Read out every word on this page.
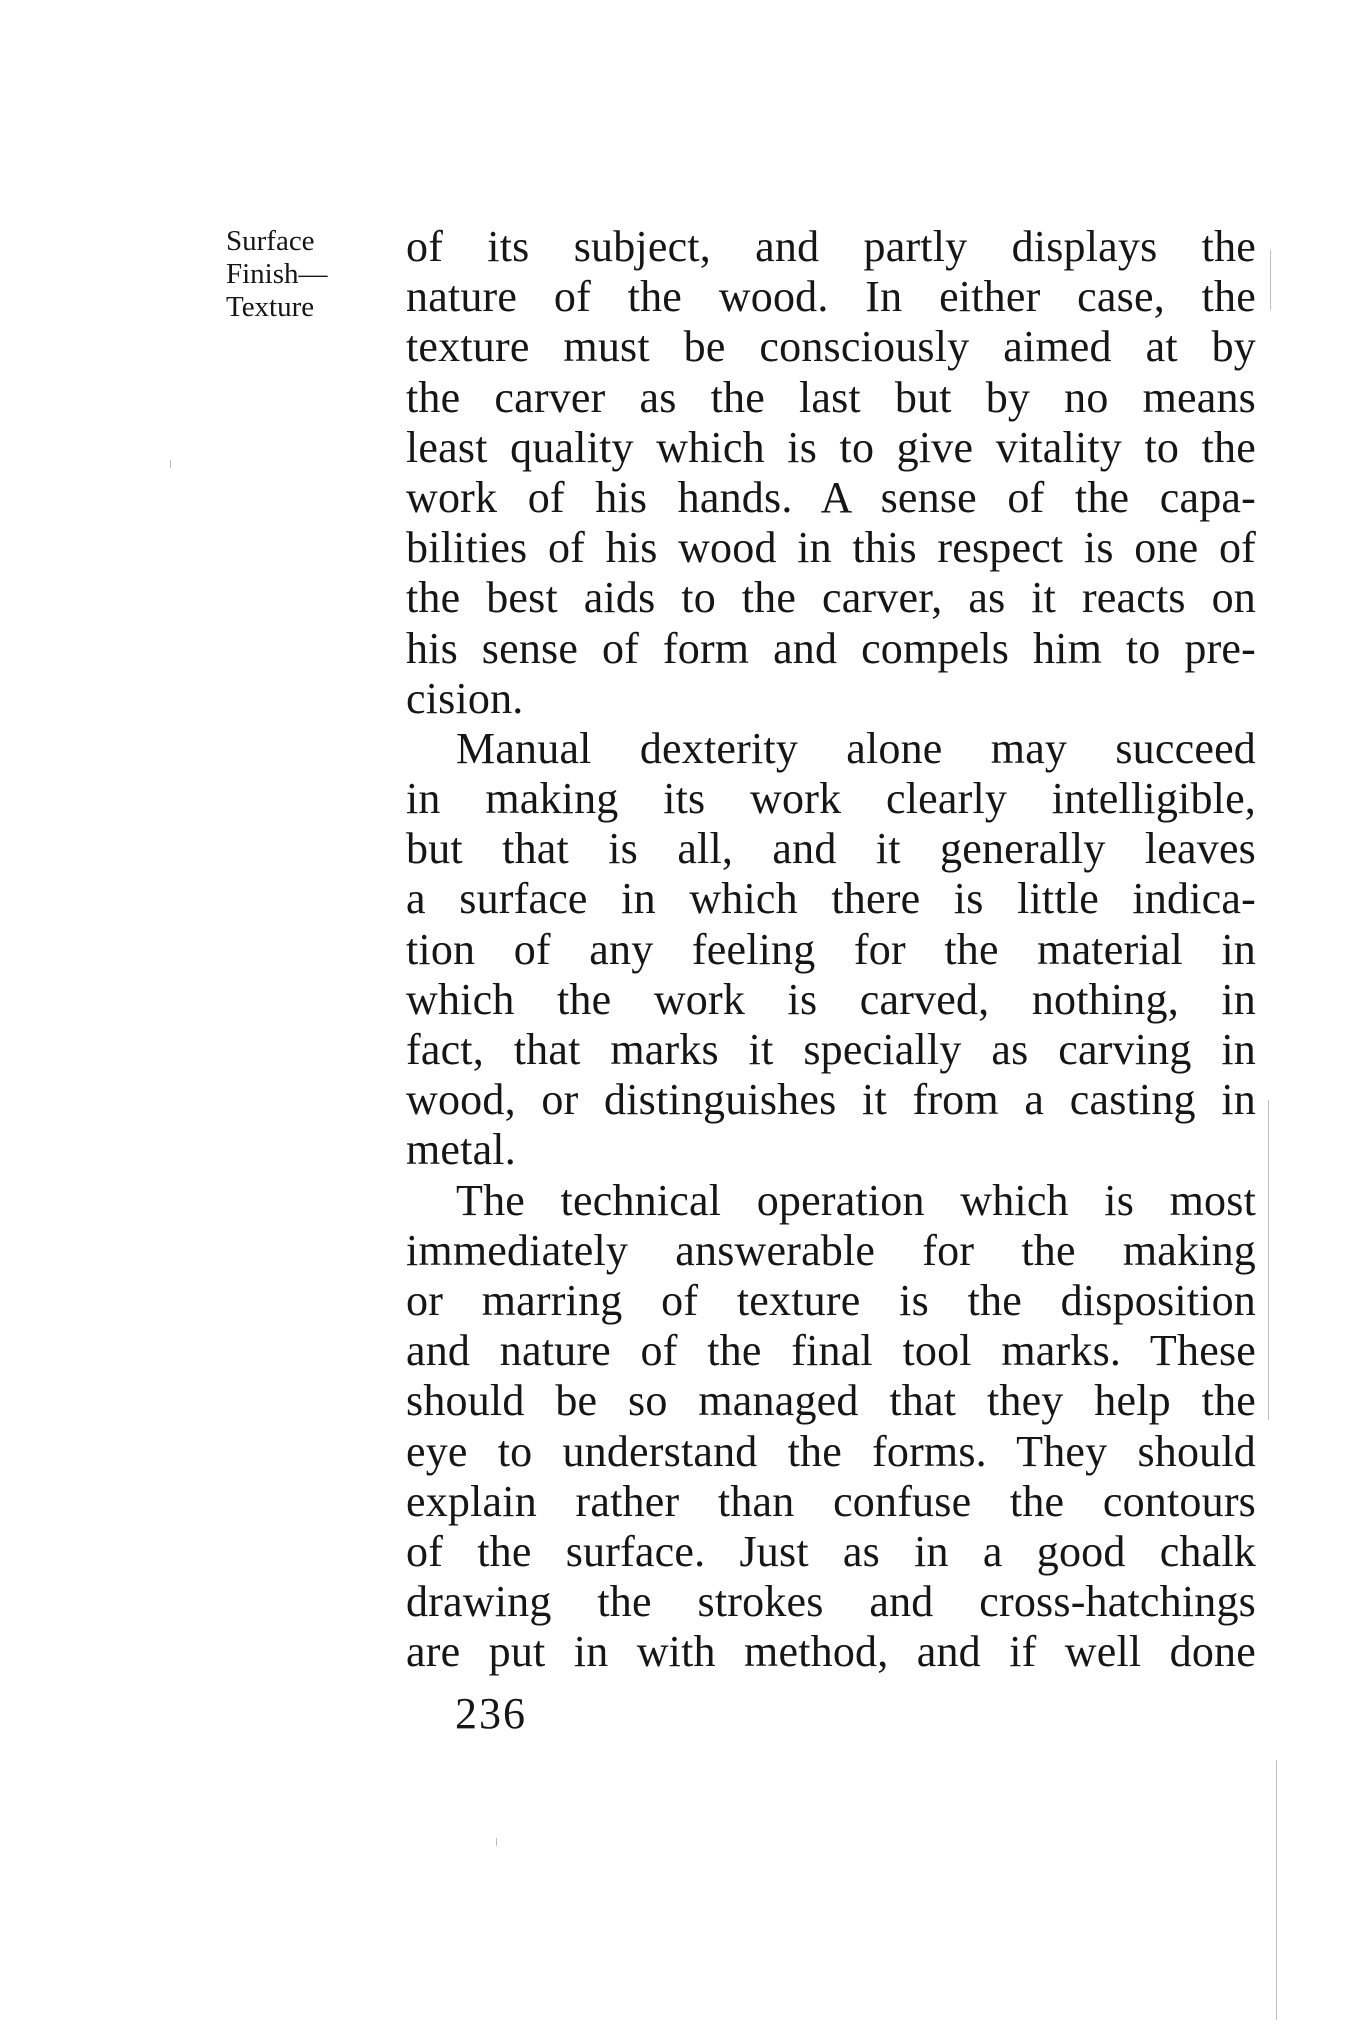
Surface
Finish—
Texture
of its subject, and partly displays the
nature of the wood. In either case, the
texture must be consciously aimed at by
the carver as the last but by no means
least quality which is to give vitality to the
work of his hands. A sense of the capa-
bilities of his wood in this respect is one of
the best aids to the carver, as it reacts on
his sense of form and compels him to pre-
cision.
Manual dexterity alone may succeed
in making its work clearly intelligible,
but that is all, and it generally leaves
a surface in which there is little indica-
tion of any feeling for the material in
which the work is carved, nothing, in
fact, that marks it specially as carving in
wood, or distinguishes it from a casting in
metal.
The technical operation which is most
immediately answerable for the making
or marring of texture is the disposition
and nature of the final tool marks. These
should be so managed that they help the
eye to understand the forms. They should
explain rather than confuse the contours
of the surface. Just as in a good chalk
drawing the strokes and cross-hatchings
are put in with method, and if well done
236
